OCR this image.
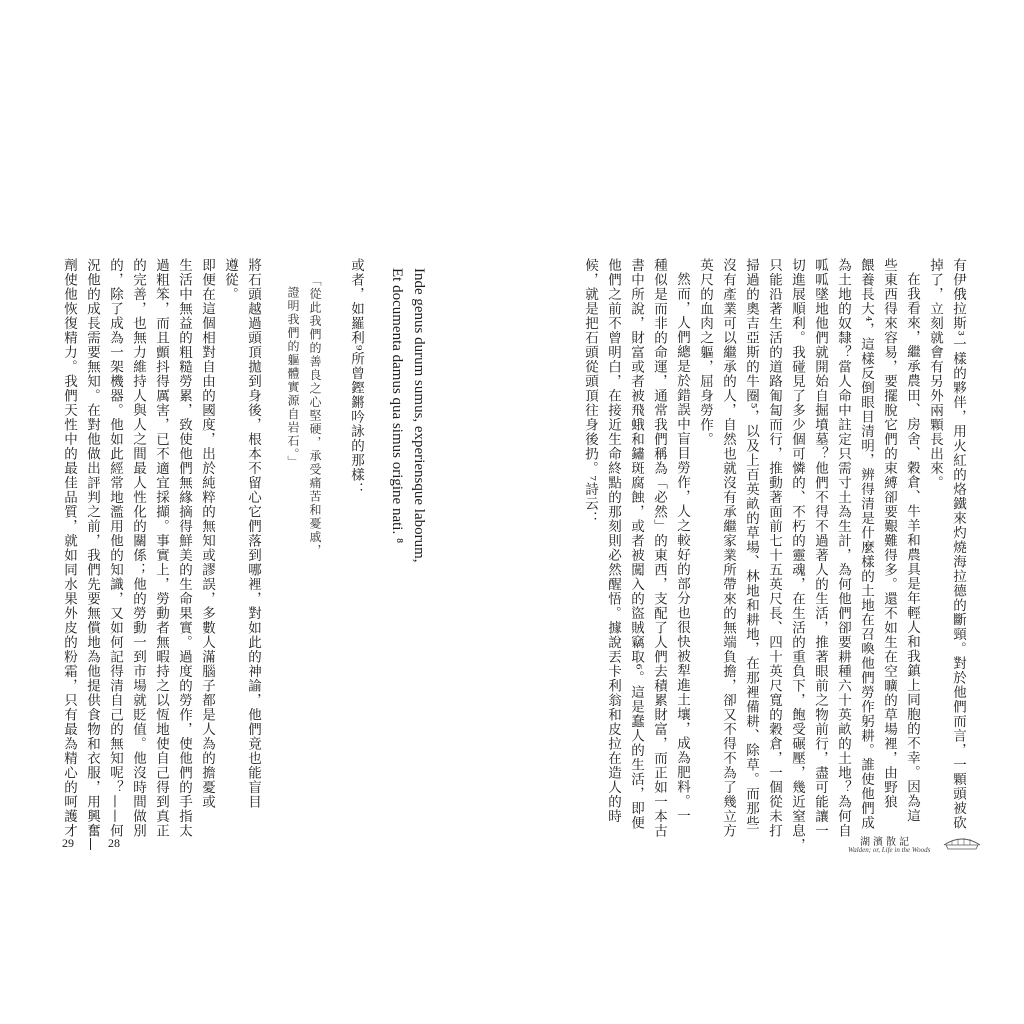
有伊俄拉斯³一樣的夥伴，用火紅的烙鐵來灼燒海拉德的斷頸。對於他們而言，一顆頭被砍
掉了，立刻就會有另外兩顆長出來。
在我看來，繼承農田、房舍、穀倉、牛羊和農具是年輕人和我鎮上同胞的不幸。因為這
些東西得來容易，要擺脫它們的束縛卻要艱難得多。還不如生在空曠的草場裡，由野狼
餵養長大⁴，這樣反倒眼目清明，辨得清是什麼樣的土地在召喚他們勞作躬耕。誰使他們成
為土地的奴隸？當人命中註定只需寸土為生計，為何他們卻要耕種六十英畝的土地？為何自
呱呱墜地他們就開始自掘墳墓？他們不得不過著人的生活，推著眼前之物前行，盡可能讓一
切進展順利。我碰見了多少個可憐的、不朽的靈魂，在生活的重負下，飽受碾壓，幾近窒息，
只能沿著生活的道路匍匐而行，推動著面前七十五英尺長、四十英尺寬的穀倉，一個從未打
掃過的奧吉亞斯的牛圈⁵，以及上百英畝的草場、林地和耕地，在那裡備耕、除草。而那些
沒有產業可以繼承的人，自然也就沒有承繼家業所帶來的無端負擔，卻又不得不為了幾立方
英尺的血肉之軀，屈身勞作。
然而，人們總是於錯誤中盲目勞作，人之較好的部分也很快被犁進土壤，成為肥料。一
種似是而非的命運，通常我們稱為「必然」的東西，支配了人們去積累財富，而正如一本古
書中所說，財富或者被飛蛾和鏽斑腐蝕，或者被闖入的盜賊竊取⁶。這是蠢人的生活，即便
他們之前不曾明白，在接近生命終點的那刻則必然醒悟。據說丟卡利翁和皮拉在造人的時
候，就是把石頭從頭頂往身後扔。⁷詩云：
Inde genus durum sumus, experiensque laborum,
Et documenta damus qua simus origine nati. ⁸
或者，如羅利⁹所曾鏗鏘吟詠的那樣：
「從此我們的善良之心堅硬，承受痛苦和憂戚，
證明我們的軀體實源自岩石。」
將石頭越過頭頂拋到身後，根本不留心它們落到哪裡，對如此的神諭，他們竟也能盲目
遵從。
即便在這個相對自由的國度，出於純粹的無知或謬誤，多數人滿腦子都是人為的擔憂或
生活中無益的粗糙勞累，致使他們無緣摘得鮮美的生命果實。過度的勞作，使他們的手指太
過粗笨，而且顫抖得厲害，已不適宜採擷。事實上，勞動者無暇持之以恆地使自己得到真正
的完善，也無力維持人與人之間最人性化的關係；他的勞動一到市場就貶值。他沒時間做別
的，除了成為一架機器。他如此經常地濫用他的知識，又如何記得清自己的無知呢？——何
況他的成長需要無知。在對他做出評判之前，我們先要無償地為他提供食物和衣服，用興奮
劑使他恢復精力。我們天性中的最佳品質，就如同水果外皮的粉霜，只有最為精心的呵護才
29	28	湖濱散記
Walden; or, Life in the Woods
